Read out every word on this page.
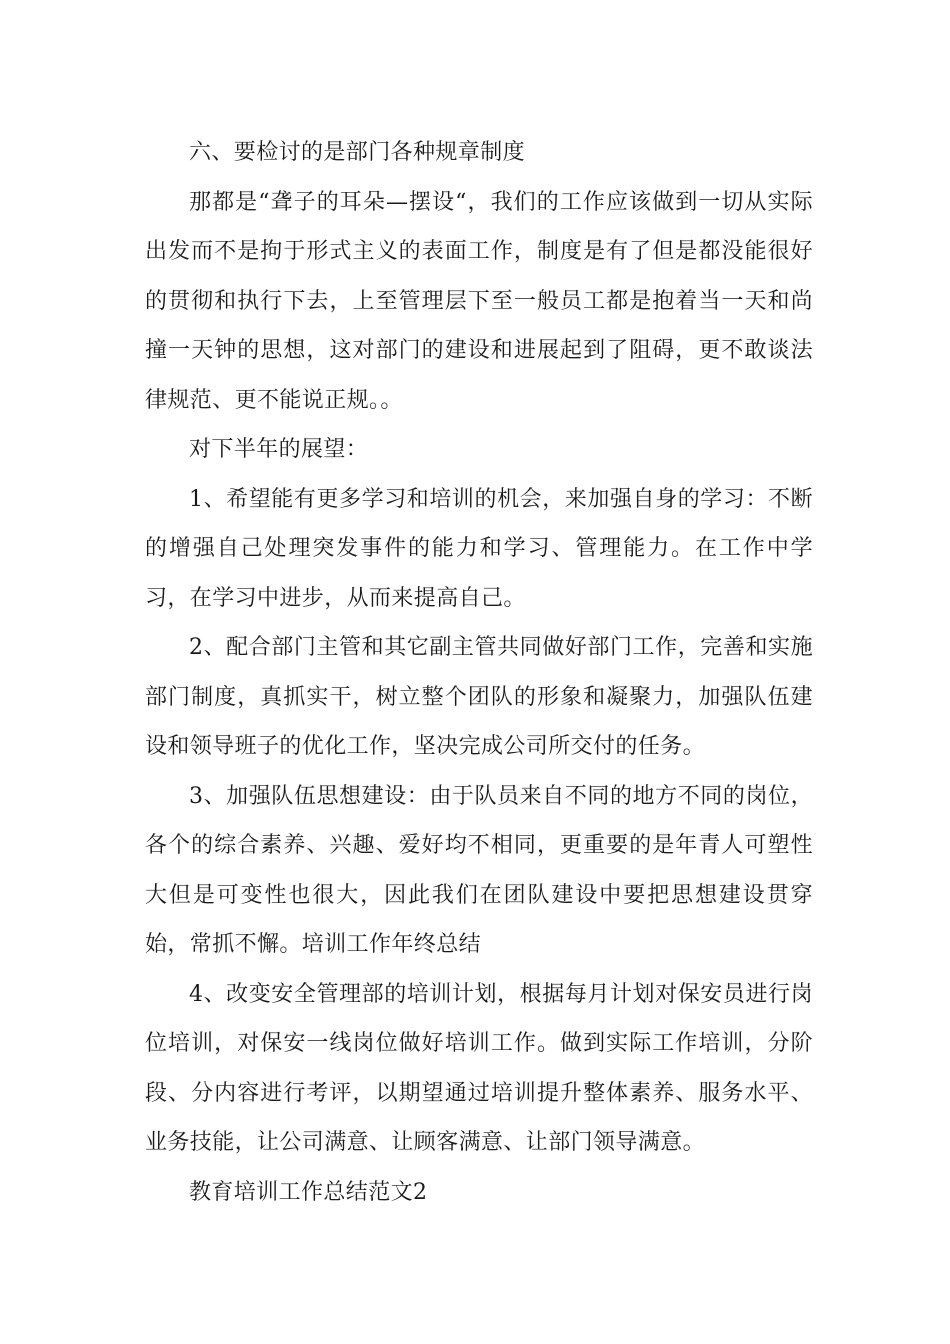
六、要检讨的是部门各种规章制度

那都是“聋子的耳朵—摆设“，我们的工作应该做到一切从实际出发而不是拘于形式主义的表面工作，制度是有了但是都没能很好的贯彻和执行下去，上至管理层下至一般员工都是抱着当一天和尚撞一天钟的思想，这对部门的建设和进展起到了阻碍，更不敢谈法律规范、更不能说正规。。

对下半年的展望：

1、希望能有更多学习和培训的机会，来加强自身的学习：不断的增强自己处理突发事件的能力和学习、管理能力。在工作中学习，在学习中进步，从而来提高自己。

2、配合部门主管和其它副主管共同做好部门工作，完善和实施部门制度，真抓实干，树立整个团队的形象和凝聚力，加强队伍建设和领导班子的优化工作，坚决完成公司所交付的任务。

3、加强队伍思想建设：由于队员来自不同的地方不同的岗位，各个的综合素养、兴趣、爱好均不相同，更重要的是年青人可塑性大但是可变性也很大，因此我们在团队建设中要把思想建设贯穿始，常抓不懈。培训工作年终总结

4、改变安全管理部的培训计划，根据每月计划对保安员进行岗位培训，对保安一线岗位做好培训工作。做到实际工作培训，分阶段、分内容进行考评，以期望通过培训提升整体素养、服务水平、业务技能，让公司满意、让顾客满意、让部门领导满意。

教育培训工作总结范文2
